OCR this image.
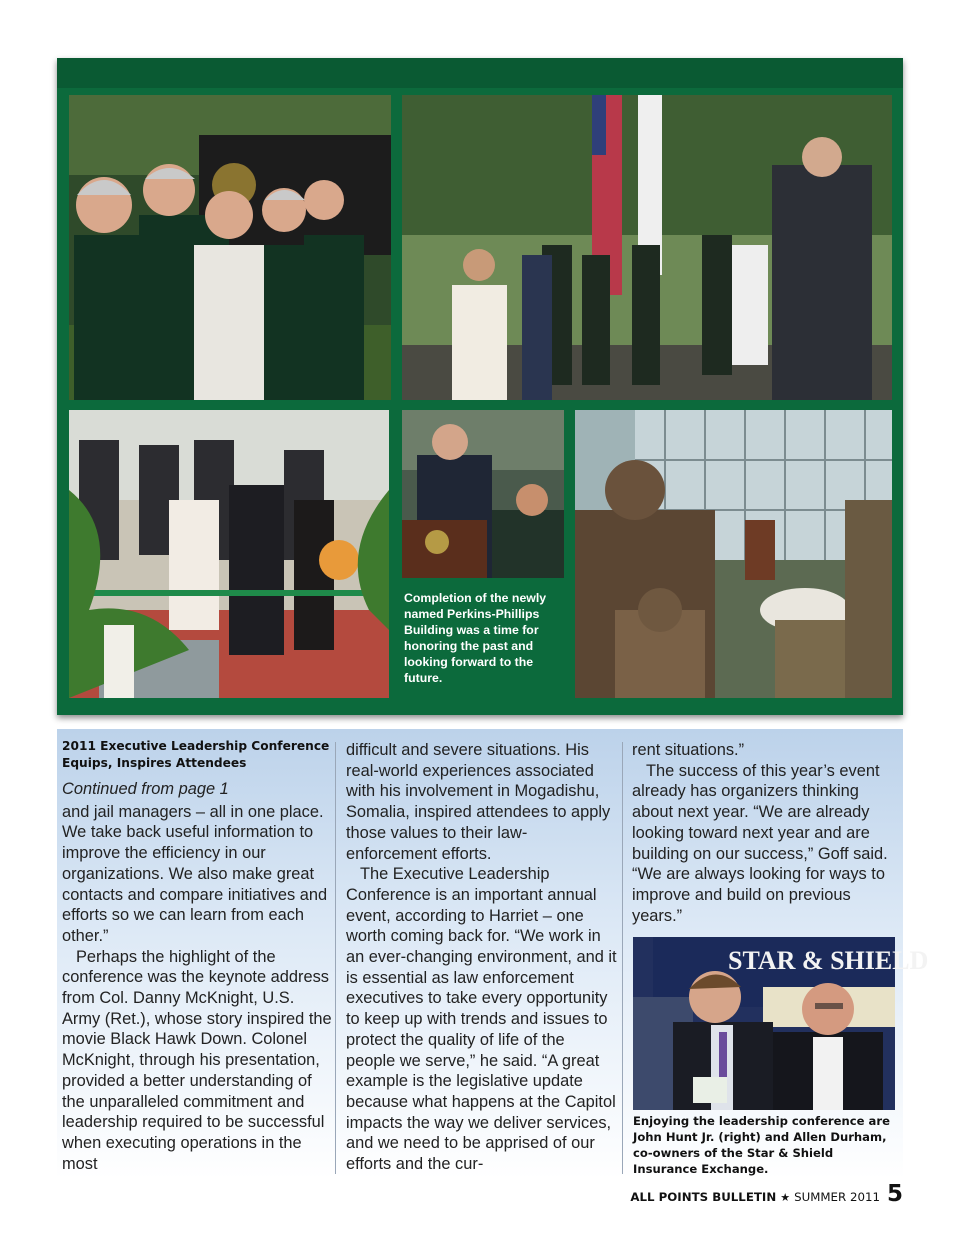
Completion of the newly named Perkins-Phillips Building was a time for honoring the past and looking forward to the future.

2011 Executive Leadership Conference Equips, Inspires Attendees

Continued from page 1

and jail managers – all in one place. We take back useful information to improve the efficiency in our organizations. We also make great contacts and compare initiatives and efforts so we can learn from each other.”

Perhaps the highlight of the conference was the keynote address from Col. Danny McKnight, U.S. Army (Ret.), whose story inspired the movie Black Hawk Down. Colonel McKnight, through his presentation, provided a better understanding of the unparalleled commitment and leadership required to be successful when executing operations in the most

difficult and severe situations. His real-world experiences associated with his involvement in Mogadishu, Somalia, inspired attendees to apply those values to their law-enforcement efforts.

The Executive Leadership Conference is an important annual event, according to Harriet – one worth coming back for. “We work in an ever-changing environment, and it is essential as law enforcement executives to take every opportunity to keep up with trends and issues to protect the quality of life of the people we serve,” he said. “A great example is the legislative update because what happens at the Capitol impacts the way we deliver services, and we need to be apprised of our efforts and the cur-

rent situations.”

The success of this year’s event already has organizers thinking about next year. “We are already looking toward next year and are building on our success,” Goff said. “We are always looking for ways to improve and build on previous years.”

STAR & SHIELD
Enjoying the leadership conference are John Hunt Jr. (right) and Allen Durham, co-owners of the Star & Shield Insurance Exchange.
ALL POINTS BULLETIN ★ SUMMER 2011 5
